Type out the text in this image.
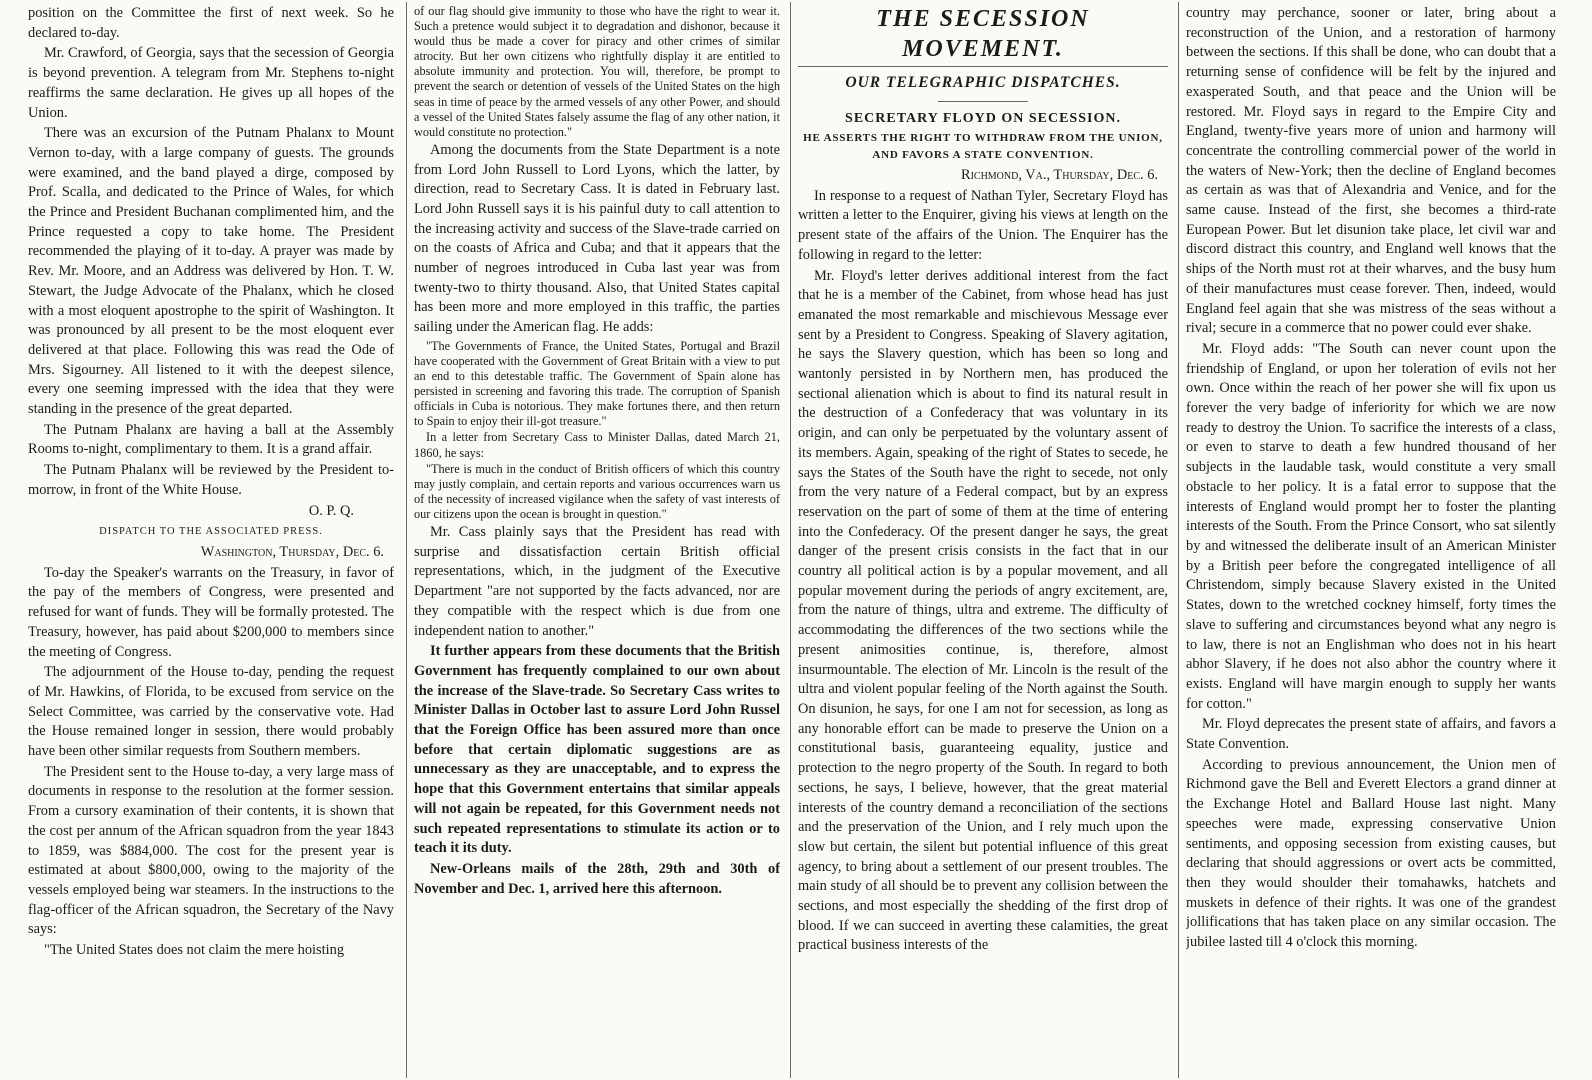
position on the Committee the first of next week. So he declared to-day.

Mr. Crawford, of Georgia, says that the secession of Georgia is beyond prevention. A telegram from Mr. Stephens to-night reaffirms the same declaration. He gives up all hopes of the Union.

There was an excursion of the Putnam Phalanx to Mount Vernon to-day, with a large company of guests. The grounds were examined, and the band played a dirge, composed by Prof. Scalla, and dedicated to the Prince of Wales, for which the Prince and President Buchanan complimented him, and the Prince requested a copy to take home. The President recommended the playing of it to-day. A prayer was made by Rev. Mr. Moore, and an Address was delivered by Hon. T. W. Stewart, the Judge Advocate of the Phalanx, which he closed with a most eloquent apostrophe to the spirit of Washington. It was pronounced by all present to be the most eloquent ever delivered at that place. Following this was read the Ode of Mrs. Sigourney. All listened to it with the deepest silence, every one seeming impressed with the idea that they were standing in the presence of the great departed.

The Putnam Phalanx are having a ball at the Assembly Rooms to-night, complimentary to them. It is a grand affair.

The Putnam Phalanx will be reviewed by the President to-morrow, in front of the White House.

O. P. Q.

DISPATCH TO THE ASSOCIATED PRESS.

Washington, Thursday, Dec. 6.

To-day the Speaker's warrants on the Treasury, in favor of the pay of the members of Congress, were presented and refused for want of funds. They will be formally protested. The Treasury, however, has paid about $200,000 to members since the meeting of Congress.

The adjournment of the House to-day, pending the request of Mr. Hawkins, of Florida, to be excused from service on the Select Committee, was carried by the conservative vote. Had the House remained longer in session, there would probably have been other similar requests from Southern members.

The President sent to the House to-day, a very large mass of documents in response to the resolution at the former session. From a cursory examination of their contents, it is shown that the cost per annum of the African squadron from the year 1843 to 1859, was $884,000. The cost for the present year is estimated at about $800,000, owing to the majority of the vessels employed being war steamers. In the instructions to the flag-officer of the African squadron, the Secretary of the Navy says:

"The United States does not claim the mere hoisting

of our flag should give immunity to those who have the right to wear it. Such a pretence would subject it to degradation and dishonor, because it would thus be made a cover for piracy and other crimes of similar atrocity. But her own citizens who rightfully display it are entitled to absolute immunity and protection. You will, therefore, be prompt to prevent the search or detention of vessels of the United States on the high seas in time of peace by the armed vessels of any other Power, and should a vessel of the United States falsely assume the flag of any other nation, it would constitute no protection."

Among the documents from the State Department is a note from Lord John Russell to Lord Lyons, which the latter, by direction, read to Secretary Cass. It is dated in February last. Lord John Russell says it is his painful duty to call attention to the increasing activity and success of the Slave-trade carried on on the coasts of Africa and Cuba; and that it appears that the number of negroes introduced in Cuba last year was from twenty-two to thirty thousand. Also, that United States capital has been more and more employed in this traffic, the parties sailing under the American flag. He adds:

"The Governments of France, the United States, Portugal and Brazil have cooperated with the Government of Great Britain with a view to put an end to this detestable traffic. The Government of Spain alone has persisted in screening and favoring this trade. The corruption of Spanish officials in Cuba is notorious. They make fortunes there, and then return to Spain to enjoy their ill-got treasure."

In a letter from Secretary Cass to Minister Dallas, dated March 21, 1860, he says:

"There is much in the conduct of British officers of which this country may justly complain, and certain reports and various occurrences warn us of the necessity of increased vigilance when the safety of vast interests of our citizens upon the ocean is brought in question."

Mr. Cass plainly says that the President has read with surprise and dissatisfaction certain British official representations, which, in the judgment of the Executive Department "are not supported by the facts advanced, nor are they compatible with the respect which is due from one independent nation to another."

It further appears from these documents that the British Government has frequently complained to our own about the increase of the Slave-trade. So Secretary Cass writes to Minister Dallas in October last to assure Lord John Russel that the Foreign Office has been assured more than once before that certain diplomatic suggestions are as unnecessary as they are unacceptable, and to express the hope that this Government entertains that similar appeals will not again be repeated, for this Government needs not such repeated representations to stimulate its action or to teach it its duty.

New-Orleans mails of the 28th, 29th and 30th of November and Dec. 1, arrived here this afternoon.

THE SECESSION MOVEMENT.
OUR TELEGRAPHIC DISPATCHES.
SECRETARY FLOYD ON SECESSION.
HE ASSERTS THE RIGHT TO WITHDRAW FROM THE UNION, AND FAVORS A STATE CONVENTION.

Richmond, Va., Thursday, Dec. 6.

In response to a request of Nathan Tyler, Secretary Floyd has written a letter to the Enquirer, giving his views at length on the present state of the affairs of the Union. The Enquirer has the following in regard to the letter:

Mr. Floyd's letter derives additional interest from the fact that he is a member of the Cabinet, from whose head has just emanated the most remarkable and mischievous Message ever sent by a President to Congress. Speaking of Slavery agitation, he says the Slavery question, which has been so long and wantonly persisted in by Northern men, has produced the sectional alienation which is about to find its natural result in the destruction of a Confederacy that was voluntary in its origin, and can only be perpetuated by the voluntary assent of its members. Again, speaking of the right of States to secede, he says the States of the South have the right to secede, not only from the very nature of a Federal compact, but by an express reservation on the part of some of them at the time of entering into the Confederacy. Of the present danger he says, the great danger of the present crisis consists in the fact that in our country all political action is by a popular movement, and all popular movement during the periods of angry excitement, are, from the nature of things, ultra and extreme. The difficulty of accommodating the differences of the two sections while the present animosities continue, is, therefore, almost insurmountable. The election of Mr. Lincoln is the result of the ultra and violent popular feeling of the North against the South. On disunion, he says, for one I am not for secession, as long as any honorable effort can be made to preserve the Union on a constitutional basis, guaranteeing equality, justice and protection to the negro property of the South. In regard to both sections, he says, I believe, however, that the great material interests of the country demand a reconciliation of the sections and the preservation of the Union, and I rely much upon the slow but certain, the silent but potential influence of this great agency, to bring about a settlement of our present troubles. The main study of all should be to prevent any collision between the sections, and most especially the shedding of the first drop of blood. If we can succeed in averting these calamities, the great practical business interests of the

country may perchance, sooner or later, bring about a reconstruction of the Union, and a restoration of harmony between the sections. If this shall be done, who can doubt that a returning sense of confidence will be felt by the injured and exasperated South, and that peace and the Union will be restored. Mr. Floyd says in regard to the Empire City and England, twenty-five years more of union and harmony will concentrate the controlling commercial power of the world in the waters of New-York; then the decline of England becomes as certain as was that of Alexandria and Venice, and for the same cause. Instead of the first, she becomes a third-rate European Power. But let disunion take place, let civil war and discord distract this country, and England well knows that the ships of the North must rot at their wharves, and the busy hum of their manufactures must cease forever. Then, indeed, would England feel again that she was mistress of the seas without a rival; secure in a commerce that no power could ever shake.

Mr. Floyd adds: "The South can never count upon the friendship of England, or upon her toleration of evils not her own. Once within the reach of her power she will fix upon us forever the very badge of inferiority for which we are now ready to destroy the Union. To sacrifice the interests of a class, or even to starve to death a few hundred thousand of her subjects in the laudable task, would constitute a very small obstacle to her policy. It is a fatal error to suppose that the interests of England would prompt her to foster the planting interests of the South. From the Prince Consort, who sat silently by and witnessed the deliberate insult of an American Minister by a British peer before the congregated intelligence of all Christendom, simply because Slavery existed in the United States, down to the wretched cockney himself, forty times the slave to suffering and circumstances beyond what any negro is to law, there is not an Englishman who does not in his heart abhor Slavery, if he does not also abhor the country where it exists. England will have margin enough to supply her wants for cotton."

Mr. Floyd deprecates the present state of affairs, and favors a State Convention.

According to previous announcement, the Union men of Richmond gave the Bell and Everett Electors a grand dinner at the Exchange Hotel and Ballard House last night. Many speeches were made, expressing conservative Union sentiments, and opposing secession from existing causes, but declaring that should aggressions or overt acts be committed, then they would shoulder their tomahawks, hatchets and muskets in defence of their rights. It was one of the grandest jollifications that has taken place on any similar occasion. The jubilee lasted till 4 o'clock this morning.
